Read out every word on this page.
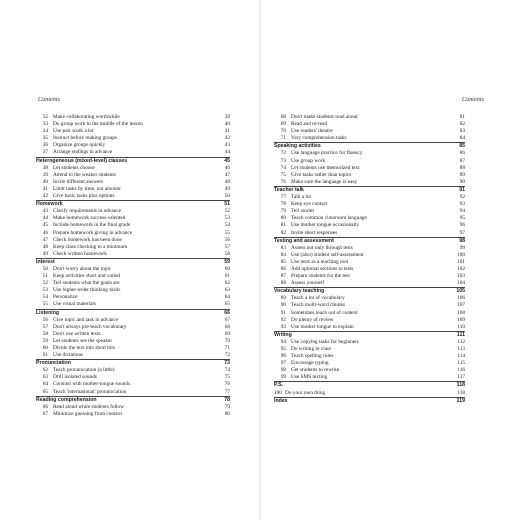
Contents
32 Make collaborating worthwhile	39
33 Do group work in the middle of the lesson	40
34 Use pair work a lot	41
35 Instruct before making groups	42
36 Organize groups quickly	43
37 Arrange endings in advance	44
Heterogeneous (mixed-level) classes	45
38 Let students choose	46
39 Attend to the weaker students	47
40 Invite different answers	48
41 Limit tasks by time, not amount	49
42 Give basic tasks plus options	50
Homework	51
43 Clarify requirements in advance	52
44 Make homework success-oriented	53
45 Include homework in the final grade	54
46 Prepare homework giving in advance	55
47 Check homework has been done	56
48 Keep class checking to a minimum	57
49 Check written homework	58
Interest	59
50 Don't worry about the topic	60
51 Keep activities short and varied	61
52 Tell students what the goals are	62
53 Use higher-order thinking skills	63
54 Personalize	64
55 Use visual materials	65
Listening	66
56 Give topic and task in advance	67
57 Don't always pre-teach vocabulary	68
58 Don't use written texts	69
59 Let students see the speaker	70
60 Divide the text into short bits	71
61 Use dictations	72
Pronunciation	73
62 Teach pronunciation (a little)	74
63 Drill isolated sounds	75
64 Contrast with mother-tongue sounds	76
65 Teach 'international' pronunciation	77
Reading comprehension	78
66 Read aloud while students follow	79
67 Minimize guessing from context	80
Contents
68 Don't make students read aloud	81
69 Read and re-read	82
70 Use readers' theatre	83
71 Vary comprehension tasks	84
Speaking activities	85
72 Use language practice for fluency	86
73 Use group work	87
74 Let students use memorized text	88
75 Give tasks rather than topics	89
76 Make sure the language is easy	90
Teacher talk	91
77 Talk a lot	92
78 Keep eye contact	93
79 Tell stories	94
80 Teach common classroom language	95
81 Use mother tongue occasionally	96
82 Invite short responses	97
Testing and assessment	98
83 Assess not only through tests	99
84 Use (also) student self-assessment	100
85 Use tests as a teaching tool	101
86 Add optional sections to tests	102
87 Prepare students for the test	103
88 Assess yourself	104
Vocabulary teaching	105
89 Teach a lot of vocabulary	106
90 Teach multi-word chunks	107
91 Sometimes teach out of context	108
92 Do plenty of review	109
93 Use mother tongue to explain	110
Writing	111
94 Use copying tasks for beginners	112
95 Do writing in class	113
96 Teach spelling rules	114
97 Encourage typing	115
98 Get students to rewrite	116
99 Use SMS texting	117
P.S.	118
100 Do your own thing	118
Index	119
